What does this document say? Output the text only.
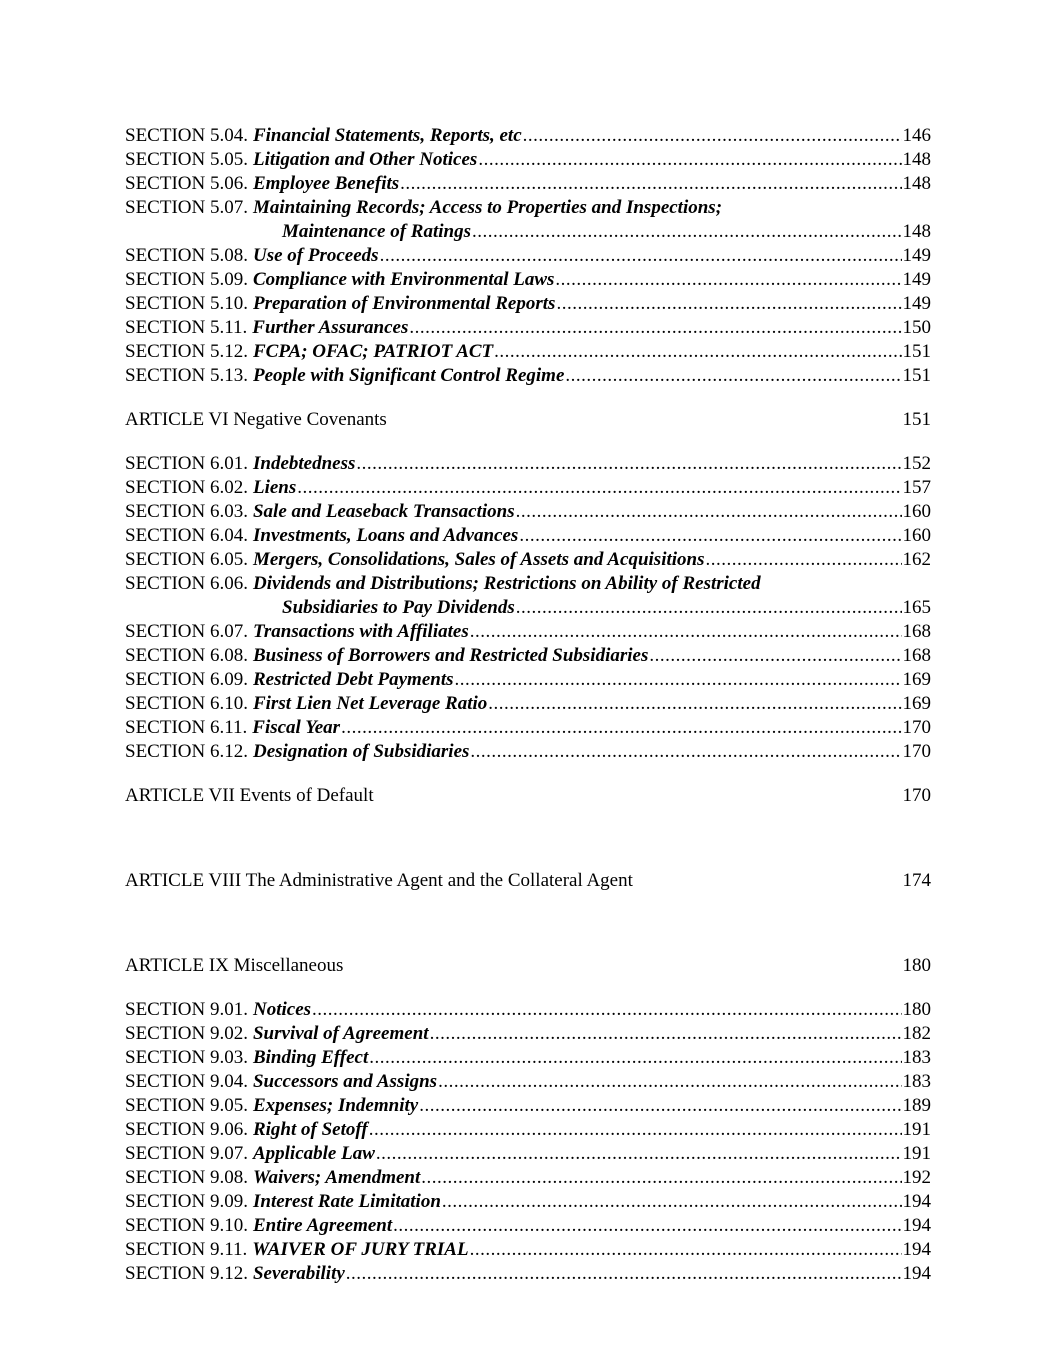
SECTION 5.04. Financial Statements, Reports, etc .....	146
SECTION 5.05. Litigation and Other Notices .....	148
SECTION 5.06. Employee Benefits .....	148
SECTION 5.07. Maintaining Records; Access to Properties and Inspections;
Maintenance of Ratings .....	148
SECTION 5.08. Use of Proceeds .....	149
SECTION 5.09. Compliance with Environmental Laws .....	149
SECTION 5.10. Preparation of Environmental Reports .....	149
SECTION 5.11. Further Assurances .....	150
SECTION 5.12. FCPA; OFAC; PATRIOT ACT .....	151
SECTION 5.13. People with Significant Control Regime .....	151
ARTICLE VI Negative Covenants	151
SECTION 6.01. Indebtedness .....	152
SECTION 6.02. Liens .....	157
SECTION 6.03. Sale and Leaseback Transactions .....	160
SECTION 6.04. Investments, Loans and Advances .....	160
SECTION 6.05. Mergers, Consolidations, Sales of Assets and Acquisitions .....	162
SECTION 6.06. Dividends and Distributions; Restrictions on Ability of Restricted
Subsidiaries to Pay Dividends .....	165
SECTION 6.07. Transactions with Affiliates .....	168
SECTION 6.08. Business of Borrowers and Restricted Subsidiaries .....	168
SECTION 6.09. Restricted Debt Payments .....	169
SECTION 6.10. First Lien Net Leverage Ratio .....	169
SECTION 6.11. Fiscal Year .....	170
SECTION 6.12. Designation of Subsidiaries .....	170
ARTICLE VII Events of Default	170
ARTICLE VIII The Administrative Agent and the Collateral Agent	174
ARTICLE IX Miscellaneous	180
SECTION 9.01. Notices .....	180
SECTION 9.02. Survival of Agreement .....	182
SECTION 9.03. Binding Effect .....	183
SECTION 9.04. Successors and Assigns .....	183
SECTION 9.05. Expenses; Indemnity .....	189
SECTION 9.06. Right of Setoff .....	191
SECTION 9.07. Applicable Law .....	191
SECTION 9.08. Waivers; Amendment .....	192
SECTION 9.09. Interest Rate Limitation .....	194
SECTION 9.10. Entire Agreement .....	194
SECTION 9.11. WAIVER OF JURY TRIAL .....	194
SECTION 9.12. Severability .....	194
